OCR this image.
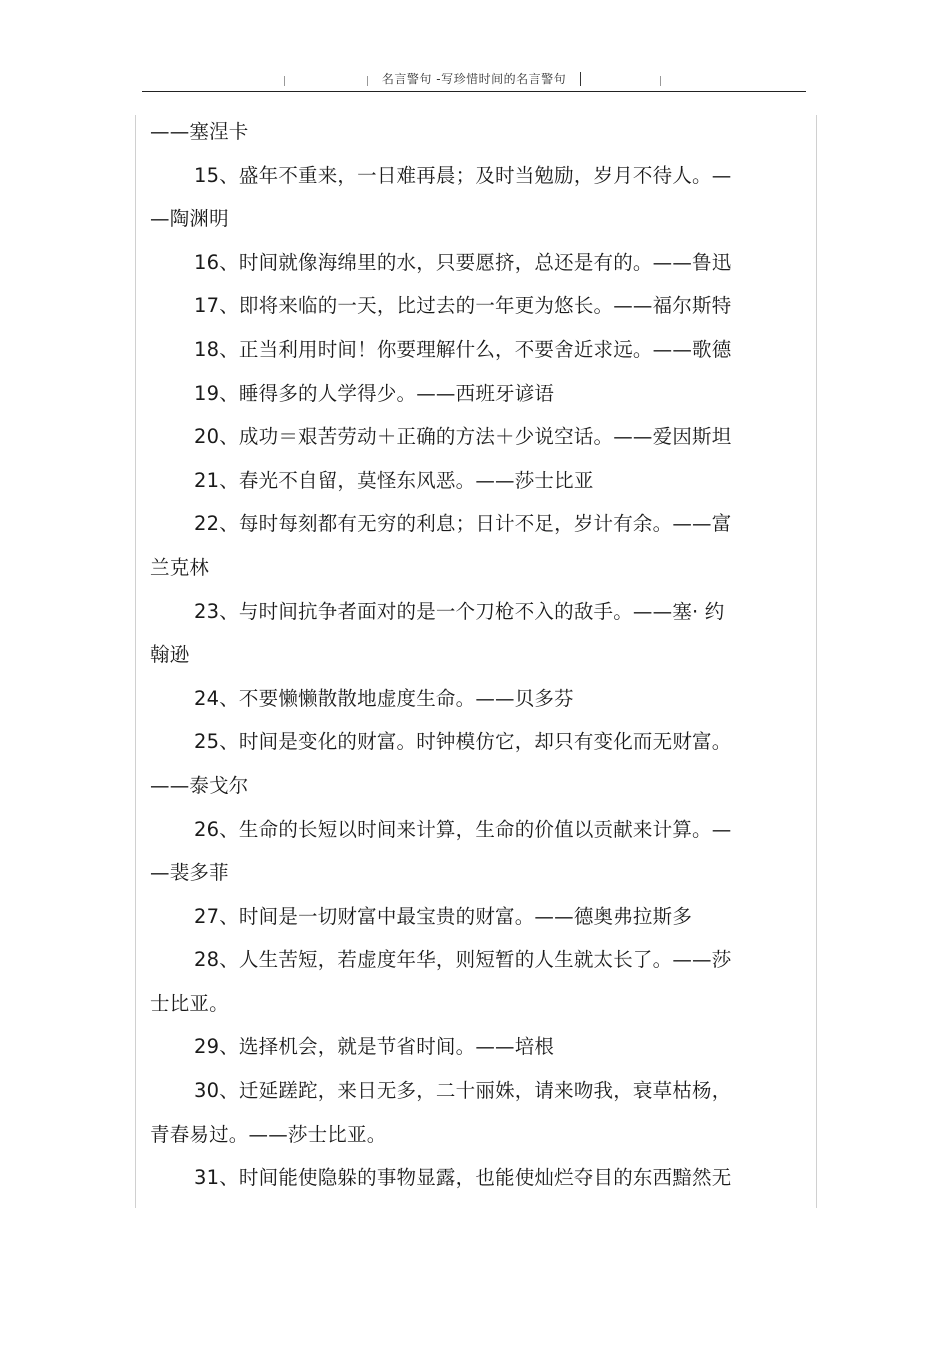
名言警句 -写珍惜时间的名言警句
——塞涅卡
15、盛年不重来，一日难再晨；及时当勉励，岁月不待人。—
—陶渊明
16、时间就像海绵里的水，只要愿挤，总还是有的。——鲁迅
17、即将来临的一天，比过去的一年更为悠长。——福尔斯特
18、正当利用时间！你要理解什么，不要舍近求远。——歌德
19、睡得多的人学得少。——西班牙谚语
20、成功＝艰苦劳动＋正确的方法＋少说空话。——爱因斯坦
21、春光不自留，莫怪东风恶。——莎士比亚
22、每时每刻都有无穷的利息；日计不足，岁计有余。——富
兰克林
23、与时间抗争者面对的是一个刀枪不入的敌手。——塞· 约
翰逊
24、不要懒懒散散地虚度生命。——贝多芬
25、时间是变化的财富。时钟模仿它，却只有变化而无财富。
——泰戈尔
26、生命的长短以时间来计算，生命的价值以贡献来计算。—
—裴多菲
27、时间是一切财富中最宝贵的财富。——德奥弗拉斯多
28、人生苦短，若虚度年华，则短暂的人生就太长了。——莎
士比亚。
29、选择机会，就是节省时间。——培根
30、迁延蹉跎，来日无多，二十丽姝，请来吻我，衰草枯杨，
青春易过。——莎士比亚。
31、时间能使隐躲的事物显露，也能使灿烂夺目的东西黯然无
